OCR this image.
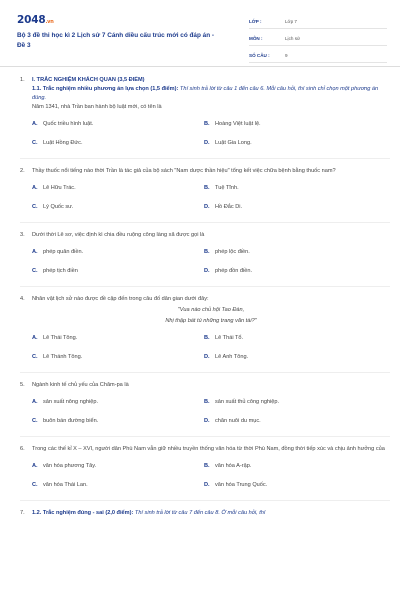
2048.vn
Bộ 3 đề thi học kì 2 Lịch sử 7 Cánh diều cấu trúc mới có đáp án - Đề 3
LỚP :	Lớp 7
MÔN :	Lịch sử
SỐ CÂU :	9
1. I. TRẮC NGHIỆM KHÁCH QUAN (3,5 ĐIỂM)
1.1. Trắc nghiệm nhiều phương án lựa chọn (1,5 điểm): Thí sinh trả lời từ câu 1 đến câu 6. Mỗi câu hỏi, thí sinh chỉ chọn một phương án đúng.
Năm 1341, nhà Trần ban hành bộ luật mới, có tên là
A. Quốc triều hình luật.	B. Hoàng Việt luật lệ.
C. Luật Hồng Đức.	D. Luật Gia Long.
2. Thầy thuốc nổi tiếng nào thời Trần là tác giả của bộ sách "Nam dược thần hiệu" tổng kết việc chữa bệnh bằng thuốc nam?
A. Lê Hữu Trác.	B. Tuệ Tĩnh.
C. Lý Quốc sư.	D. Hồ Đắc Di.
3. Dưới thời Lê sơ, việc định kì chia đều ruộng công làng xã được gọi là
A. phép quân điền.	B. phép lộc điền.
C. phép tịch điền	D. phép đồn điền.
4. Nhân vật lịch sử nào được đề cập đến trong câu đố dân gian dưới đây:
"Vua nào chủ hội Tao Đàn,
Nhị thập bát tú những trang văn tài?"
A. Lê Thái Tông.	B. Lê Thái Tổ.
C. Lê Thánh Tông.	D. Lê Anh Tông.
5. Ngành kinh tế chủ yếu của Chăm-pa là
A. sản xuất nông nghiệp.	B. sản xuất thủ công nghiệp.
C. buôn bán đường biển.	D. chăn nuôi du mục.
6. Trong các thế kỉ X – XVI, người dân Phù Nam vẫn giữ nhiều truyền thống văn hóa từ thời Phù Nam, đồng thời tiếp xúc và chịu ảnh hưởng của
A. văn hóa phương Tây.	B. văn hóa A-rập.
C. văn hóa Thái Lan.	D. văn hóa Trung Quốc.
7. 1.2. Trắc nghiệm đúng - sai (2,0 điểm): Thí sinh trả lời từ câu 7 đến câu 8. Ở mỗi câu hỏi, thí
